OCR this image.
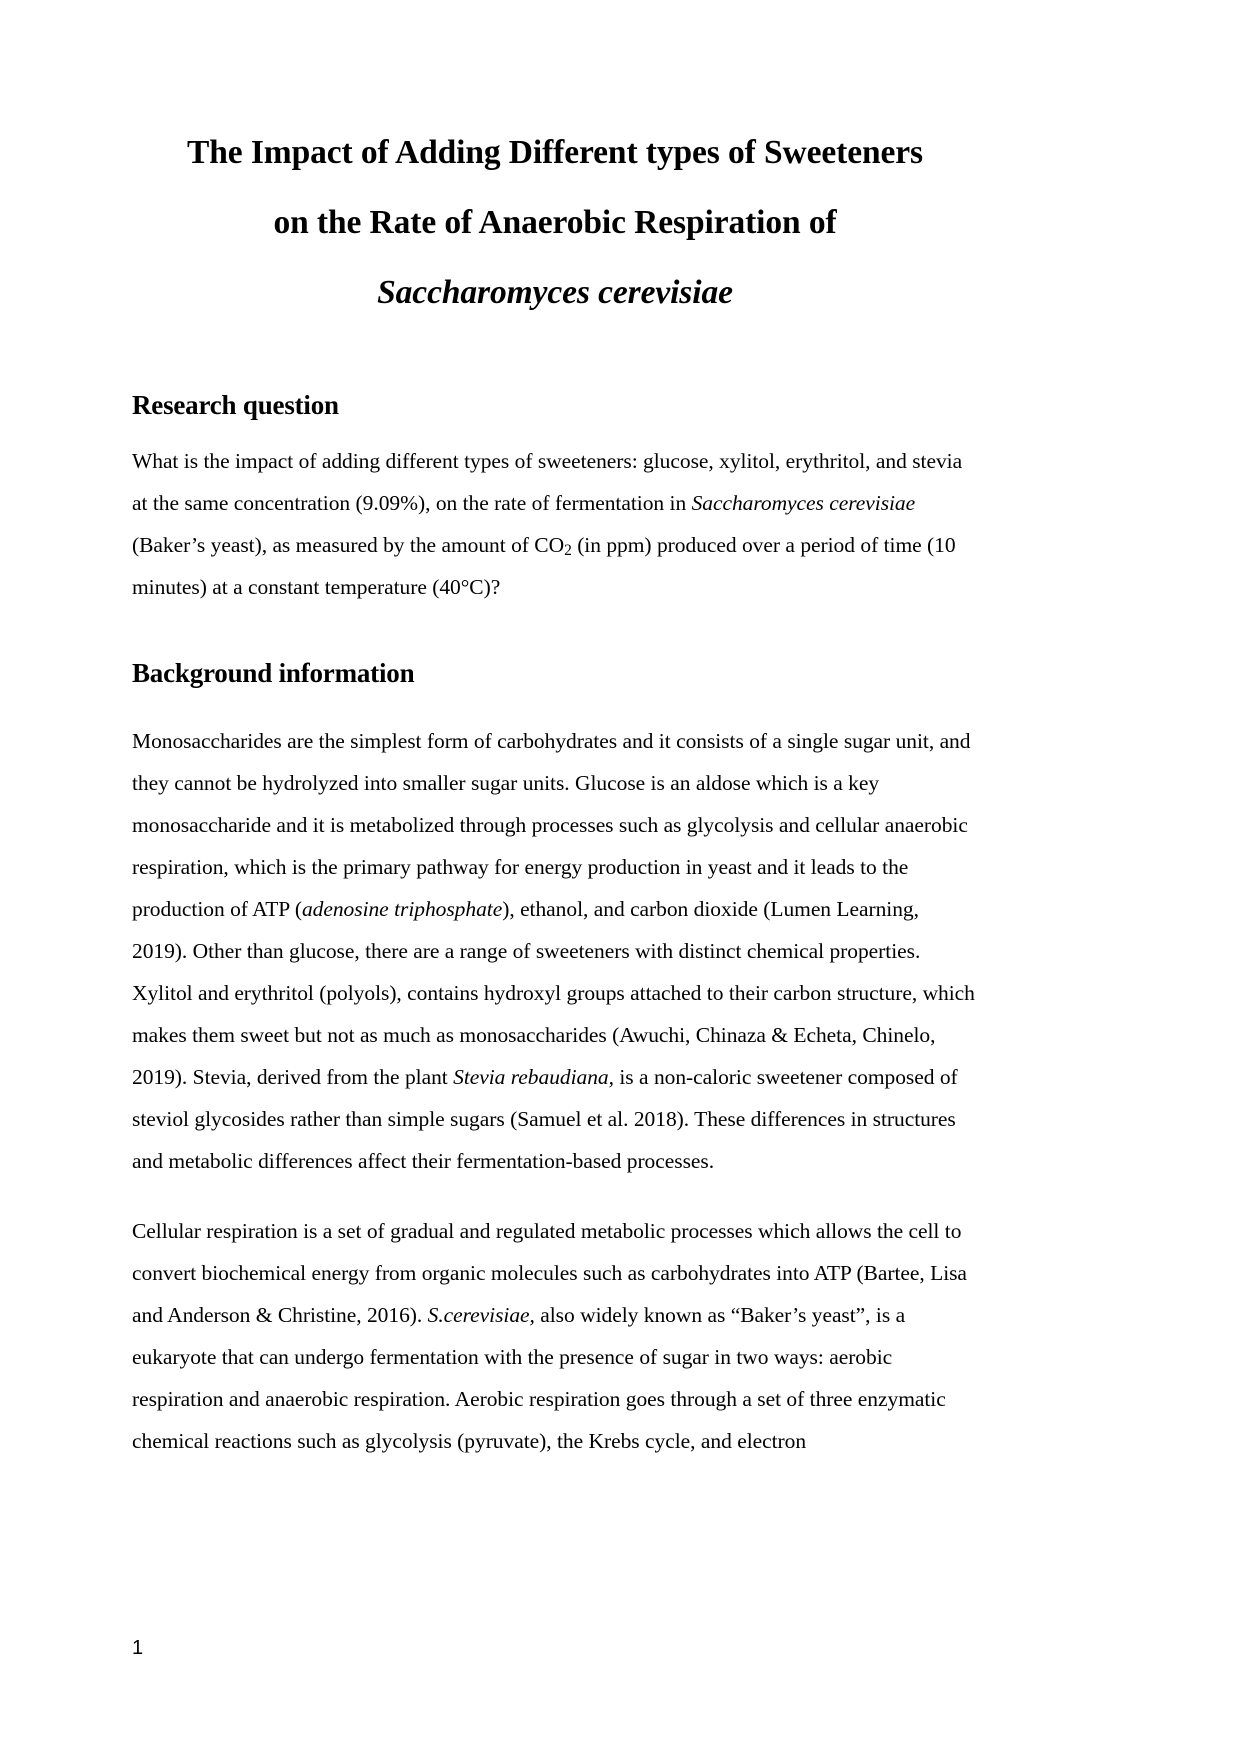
The Impact of Adding Different types of Sweeteners
on the Rate of Anaerobic Respiration of
Saccharomyces cerevisiae
Research question

What is the impact of adding different types of sweeteners: glucose, xylitol, erythritol, and stevia at the same concentration (9.09%), on the rate of fermentation in Saccharomyces cerevisiae (Baker’s yeast), as measured by the amount of $CO_2$ (in ppm) produced over a period of time (10 minutes) at a constant temperature (40°C)?

Background information

Monosaccharides are the simplest form of carbohydrates and it consists of a single sugar unit, and they cannot be hydrolyzed into smaller sugar units. Glucose is an aldose which is a key monosaccharide and it is metabolized through processes such as glycolysis and cellular anaerobic respiration, which is the primary pathway for energy production in yeast and it leads to the production of ATP (adenosine triphosphate), ethanol, and carbon dioxide (Lumen Learning, 2019). Other than glucose, there are a range of sweeteners with distinct chemical properties. Xylitol and erythritol (polyols), contains hydroxyl groups attached to their carbon structure, which makes them sweet but not as much as monosaccharides (Awuchi, Chinaza & Echeta, Chinelo, 2019). Stevia, derived from the plant Stevia rebaudiana, is a non-caloric sweetener composed of steviol glycosides rather than simple sugars (Samuel et al. 2018). These differences in structures and metabolic differences affect their fermentation-based processes.

Cellular respiration is a set of gradual and regulated metabolic processes which allows the cell to convert biochemical energy from organic molecules such as carbohydrates into ATP (Bartee, Lisa and Anderson & Christine, 2016). S.cerevisiae, also widely known as “Baker’s yeast”, is a eukaryote that can undergo fermentation with the presence of sugar in two ways: aerobic respiration and anaerobic respiration. Aerobic respiration goes through a set of three enzymatic chemical reactions such as glycolysis (pyruvate), the Krebs cycle, and electron

1
